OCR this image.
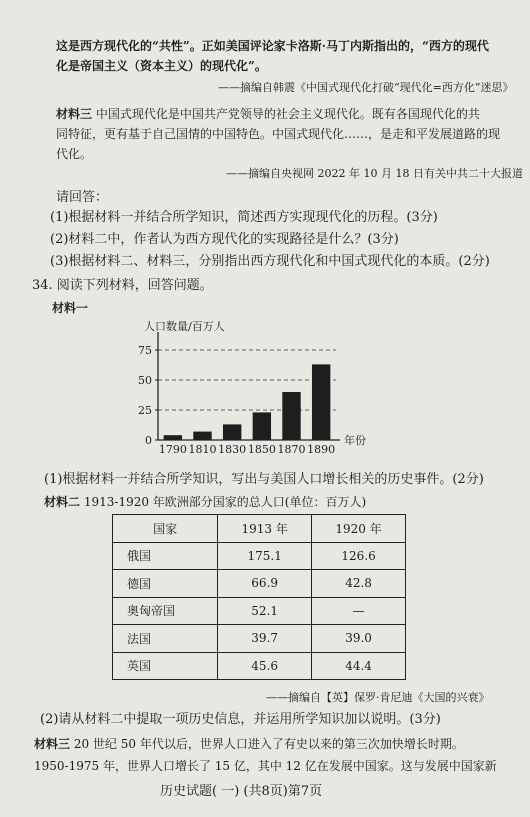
这是西方现代化的“共性”。正如美国评论家卡洛斯·马丁内斯指出的，“西方的现代
化是帝国主义（资本主义）的现代化”。
——摘编自韩震《中国式现代化打破“现代化=西方化”迷思》
材料三 中国式现代化是中国共产党领导的社会主义现代化。既有各国现代化的共
同特征，更有基于自己国情的中国特色。中国式现代化……，是走和平发展道路的现
代化。
——摘编自央视网 2022 年 10 月 18 日有关中共二十大报道
请回答：
(1)根据材料一并结合所学知识，简述西方实现现代化的历程。(3分)
(2)材料二中，作者认为西方现代化的实现路径是什么？(3分)
(3)根据材料二、材料三，分别指出西方现代化和中国式现代化的本质。(2分)
34. 阅读下列材料，回答问题。
材料一
人口数量/百万人
年份
0
25
50
75
1790 1810 1830 1850 1870 1890
(1)根据材料一并结合所学知识，写出与美国人口增长相关的历史事件。(2分)
材料二 1913-1920 年欧洲部分国家的总人口(单位：百万人)
国家	1913 年	1920 年
俄国	175.1	126.6
德国	66.9	42.8
奥匈帝国	52.1	—
法国	39.7	39.0
英国	45.6	44.4
——摘编自【英】保罗·肯尼迪《大国的兴衰》
(2)请从材料二中提取一项历史信息，并运用所学知识加以说明。(3分)
材料三 20 世纪 50 年代以后，世界人口进入了有史以来的第三次加快增长时期。
1950-1975 年，世界人口增长了 15 亿，其中 12 亿在发展中国家。这与发展中国家新
历史试题( 一) (共8页)第7页
